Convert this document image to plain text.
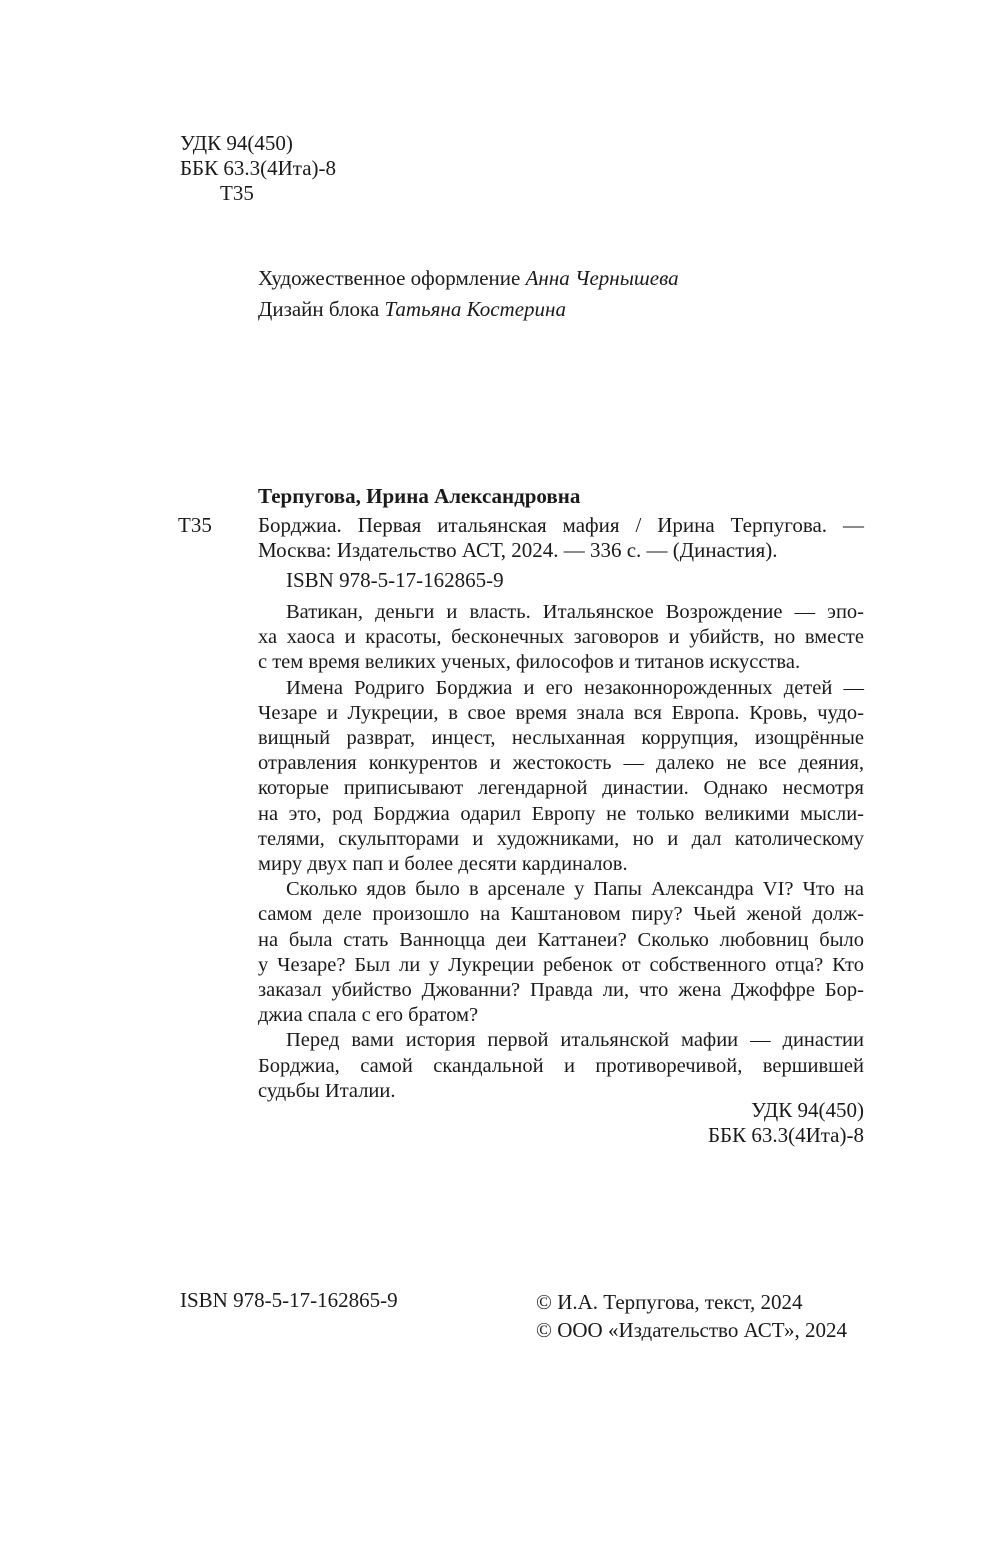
УДК 94(450)
ББК 63.3(4Ита)-8
Т35
Художественное оформление Анна Чернышева
Дизайн блока Татьяна Костерина
Терпугова, Ирина Александровна
Т35 Борджиа. Первая итальянская мафия / Ирина Терпугова. —
Москва: Издательство АСТ, 2024. — 336 с. — (Династия).
ISBN 978-5-17-162865-9
Ватикан, деньги и власть. Итальянское Возрождение — эпо-
ха хаоса и красоты, бесконечных заговоров и убийств, но вместе
с тем время великих ученых, философов и титанов искусства.
Имена Родриго Борджиа и его незаконнорожденных детей —
Чезаре и Лукреции, в свое время знала вся Европа. Кровь, чудо-
вищный разврат, инцест, неслыханная коррупция, изощрённые
отравления конкурентов и жестокость — далеко не все деяния,
которые приписывают легендарной династии. Однако несмотря
на это, род Борджиа одарил Европу не только великими мысли-
телями, скульпторами и художниками, но и дал католическому
миру двух пап и более десяти кардиналов.
Сколько ядов было в арсенале у Папы Александра VI? Что на
самом деле произошло на Каштановом пиру? Чьей женой долж-
на была стать Ванноцца деи Каттанеи? Сколько любовниц было
у Чезаре? Был ли у Лукреции ребенок от собственного отца? Кто
заказал убийство Джованни? Правда ли, что жена Джоффре Бор-
джиа спала с его братом?
Перед вами история первой итальянской мафии — династии
Борджиа, самой скандальной и противоречивой, вершившей
судьбы Италии.
УДК 94(450)
ББК 63.3(4Ита)-8
ISBN 978-5-17-162865-9	© И.А. Терпугова, текст, 2024
© ООО «Издательство АСТ», 2024
